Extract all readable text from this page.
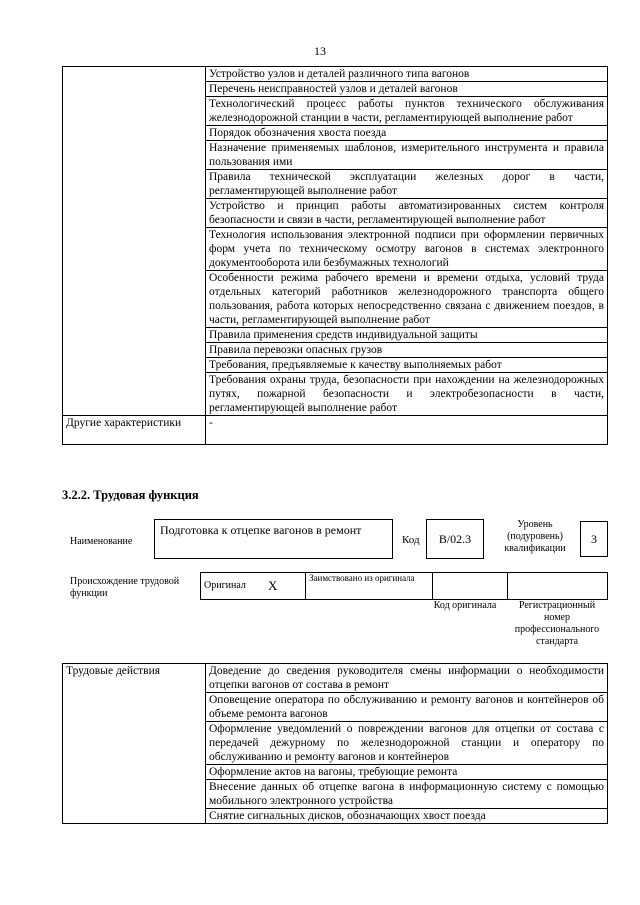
13
	Устройство узлов и деталей различного типа вагонов
	Перечень неисправностей узлов и деталей вагонов
	Технологический процесс работы пунктов технического обслуживания железнодорожной станции в части, регламентирующей выполнение работ
	Порядок обозначения хвоста поезда
	Назначение применяемых шаблонов, измерительного инструмента и правила пользования ими
	Правила технической эксплуатации железных дорог в части, регламентирующей выполнение работ
	Устройство и принцип работы автоматизированных систем контроля безопасности и связи в части, регламентирующей выполнение работ
	Технология использования электронной подписи при оформлении первичных форм учета по техническому осмотру вагонов в системах электронного документооборота или безбумажных технологий
	Особенности режима рабочего времени и времени отдыха, условий труда отдельных категорий работников железнодорожного транспорта общего пользования, работа которых непосредственно связана с движением поездов, в части, регламентирующей выполнение работ
	Правила применения средств индивидуальной защиты
	Правила перевозки опасных грузов
	Требования, предъявляемые к качеству выполняемых работ
	Требования охраны труда, безопасности при нахождении на железнодорожных путях, пожарной безопасности и электробезопасности в части, регламентирующей выполнение работ
Другие характеристики	-
3.2.2. Трудовая функция
Наименование
Подготовка к отцепке вагонов в ремонт
Код	B/02.3
Уровень (подуровень) квалификации
3
Происхождение трудовой функции
Оригинал	X	Заимствовано из оригинала		
Код оригинала	Регистрационный номер профессионального стандарта
Трудовые действия	Доведение до сведения руководителя смены информации о необходимости отцепки вагонов от состава в ремонт
Оповещение оператора по обслуживанию и ремонту вагонов и контейнеров об объеме ремонта вагонов
Оформление уведомлений о повреждении вагонов для отцепки от состава с передачей дежурному по железнодорожной станции и оператору по обслуживанию и ремонту вагонов и контейнеров
Оформление актов на вагоны, требующие ремонта
Внесение данных об отцепке вагона в информационную систему с помощью мобильного электронного устройства
Снятие сигнальных дисков, обозначающих хвост поезда
